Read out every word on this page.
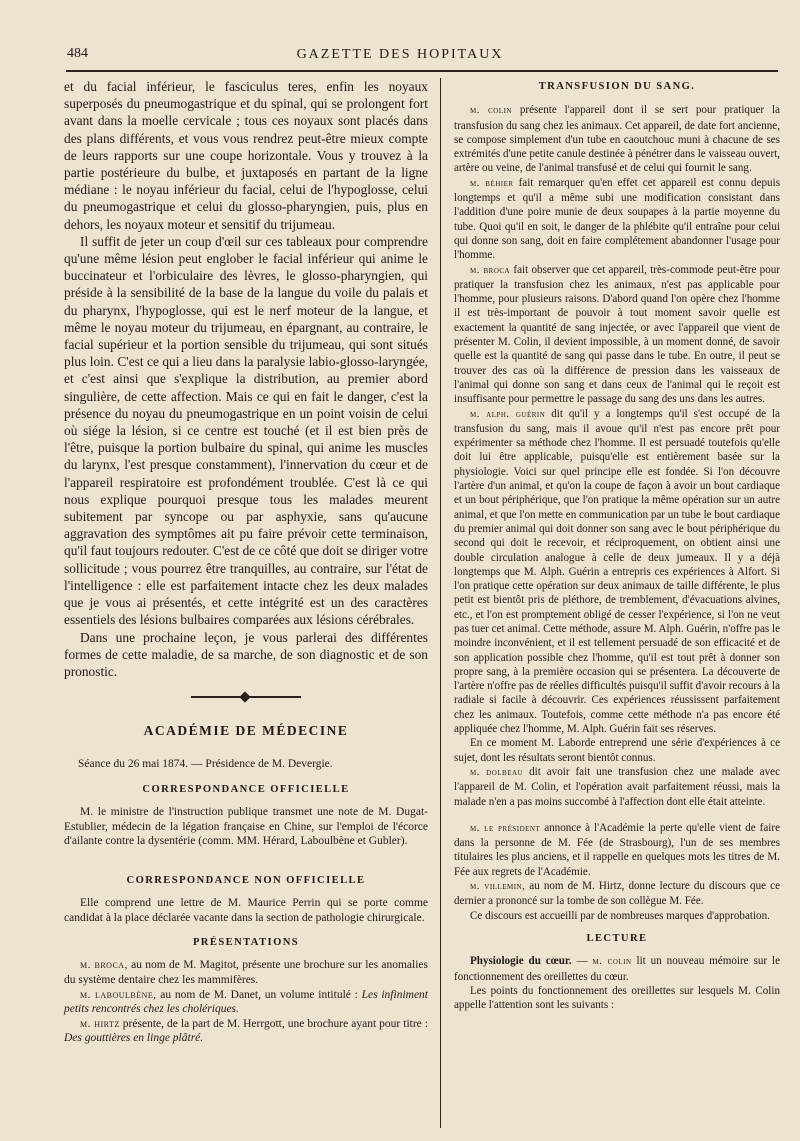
484	GAZETTE DES HOPITAUX

et du facial inférieur, le fasciculus teres, enfin les noyaux superposés du pneumogastrique et du spinal, qui se prolongent fort avant dans la moelle cervicale ; tous ces noyaux sont placés dans des plans différents, et vous vous rendrez peut-être mieux compte de leurs rapports sur une coupe horizontale. Vous y trouvez à la partie postérieure du bulbe, et juxtaposés en partant de la ligne médiane : le noyau inférieur du facial, celui de l'hypoglosse, celui du pneumogastrique et celui du glosso-pharyngien, puis, plus en dehors, les noyaux moteur et sensitif du trijumeau.

Il suffit de jeter un coup d'œil sur ces tableaux pour comprendre qu'une même lésion peut englober le facial inférieur qui anime le buccinateur et l'orbiculaire des lèvres, le glosso-pharyngien, qui préside à la sensibilité de la base de la langue du voile du palais et du pharynx, l'hypoglosse, qui est le nerf moteur de la langue, et même le noyau moteur du trijumeau, en épargnant, au contraire, le facial supérieur et la portion sensible du trijumeau, qui sont situés plus loin. C'est ce qui a lieu dans la paralysie labio-glosso-laryngée, et c'est ainsi que s'explique la distribution, au premier abord singulière, de cette affection. Mais ce qui en fait le danger, c'est la présence du noyau du pneumogastrique en un point voisin de celui où siége la lésion, si ce centre est touché (et il est bien près de l'être, puisque la portion bulbaire du spinal, qui anime les muscles du larynx, l'est presque constamment), l'innervation du cœur et de l'appareil respiratoire est profondément troublée. C'est là ce qui nous explique pourquoi presque tous les malades meurent subitement par syncope ou par asphyxie, sans qu'aucune aggravation des symptômes ait pu faire prévoir cette terminaison, qu'il faut toujours redouter. C'est de ce côté que doit se diriger votre sollicitude ; vous pourrez être tranquilles, au contraire, sur l'état de l'intelligence : elle est parfaitement intacte chez les deux malades que je vous ai présentés, et cette intégrité est un des caractères essentiels des lésions bulbaires comparées aux lésions cérébrales.

Dans une prochaine leçon, je vous parlerai des différentes formes de cette maladie, de sa marche, de son diagnostic et de son pronostic.

ACADÉMIE DE MÉDECINE

Séance du 26 mai 1874. — Présidence de M. Devergie.

CORRESPONDANCE OFFICIELLE

M. le ministre de l'instruction publique transmet une note de M. Dugat-Estublier, médecin de la légation française en Chine, sur l'emploi de l'écorce d'ailante contre la dysentérie (comm. MM. Hérard, Laboulbène et Gubler).

CORRESPONDANCE NON OFFICIELLE

Elle comprend une lettre de M. Maurice Perrin qui se porte comme candidat à la place déclarée vacante dans la section de pathologie chirurgicale.

PRÉSENTATIONS

m. broca, au nom de M. Magitot, présente une brochure sur les anomalies du système dentaire chez les mammifères.

m. laboulbène, au nom de M. Danet, un volume intitulé : Les infiniment petits rencontrés chez les cholériques.

m. hirtz présente, de la part de M. Herrgott, une brochure ayant pour titre : Des gouttières en linge plâtré.

TRANSFUSION DU SANG.

m. colin présente l'appareil dont il se sert pour pratiquer la transfusion du sang chez les animaux. Cet appareil, de date fort ancienne, se compose simplement d'un tube en caoutchouc muni à chacune de ses extrémités d'une petite canule destinée à pénétrer dans le vaisseau ouvert, artère ou veine, de l'animal transfusé et de celui qui fournit le sang.

m. béhier fait remarquer qu'en effet cet appareil est connu depuis longtemps et qu'il a même subi une modification consistant dans l'addition d'une poire munie de deux soupapes à la partie moyenne du tube. Quoi qu'il en soit, le danger de la phlébite qu'il entraîne pour celui qui donne son sang, doit en faire complétement abandonner l'usage pour l'homme.

m. broca fait observer que cet appareil, très-commode peut-être pour pratiquer la transfusion chez les animaux, n'est pas applicable pour l'homme, pour plusieurs raisons. D'abord quand l'on opère chez l'homme il est très-important de pouvoir à tout moment savoir quelle est exactement la quantité de sang injectée, or avec l'appareil que vient de présenter M. Colin, il devient impossible, à un moment donné, de savoir quelle est la quantité de sang qui passe dans le tube. En outre, il peut se trouver des cas où la différence de pression dans les vaisseaux de l'animal qui donne son sang et dans ceux de l'animal qui le reçoit est insuffisante pour permettre le passage du sang des uns dans les autres.

m. alph. guérin dit qu'il y a longtemps qu'il s'est occupé de la transfusion du sang, mais il avoue qu'il n'est pas encore prêt pour expérimenter sa méthode chez l'homme. Il est persuadé toutefois qu'elle doit lui être applicable, puisqu'elle est entièrement basée sur la physiologie. Voici sur quel principe elle est fondée. Si l'on découvre l'artère d'un animal, et qu'on la coupe de façon à avoir un bout cardiaque et un bout périphérique, que l'on pratique la même opération sur un autre animal, et que l'on mette en communication par un tube le bout cardiaque du premier animal qui doit donner son sang avec le bout périphérique du second qui doit le recevoir, et réciproquement, on obtient ainsi une double circulation analogue à celle de deux jumeaux. Il y a déjà longtemps que M. Alph. Guérin a entrepris ces expériences à Alfort. Si l'on pratique cette opération sur deux animaux de taille différente, le plus petit est bientôt pris de pléthore, de tremblement, d'évacuations alvines, etc., et l'on est promptement obligé de cesser l'expérience, si l'on ne veut pas tuer cet animal. Cette méthode, assure M. Alph. Guérin, n'offre pas le moindre inconvénient, et il est tellement persuadé de son efficacité et de son application possible chez l'homme, qu'il est tout prêt à donner son propre sang, à la première occasion qui se présentera. La découverte de l'artère n'offre pas de réelles difficultés puisqu'il suffit d'avoir recours à la radiale si facile à découvrir. Ces expériences réussissent parfaitement chez les animaux. Toutefois, comme cette méthode n'a pas encore été appliquée chez l'homme, M. Alph. Guérin fait ses réserves.

En ce moment M. Laborde entreprend une série d'expériences à ce sujet, dont les résultats seront bientôt connus.

m. dolbeau dit avoir fait une transfusion chez une malade avec l'appareil de M. Colin, et l'opération avait parfaitement réussi, mais la malade n'en a pas moins succombé à l'affection dont elle était atteinte.

m. le président annonce à l'Académie la perte qu'elle vient de faire dans la personne de M. Fée (de Strasbourg), l'un de ses membres titulaires les plus anciens, et il rappelle en quelques mots les titres de M. Fée aux regrets de l'Académie.

m. villemin, au nom de M. Hirtz, donne lecture du discours que ce dernier a prononcé sur la tombe de son collègue M. Fée.

Ce discours est accueilli par de nombreuses marques d'approbation.

LECTURE

Physiologie du cœur. — m. colin lit un nouveau mémoire sur le fonctionnement des oreillettes du cœur.

Les points du fonctionnement des oreillettes sur lesquels M. Colin appelle l'attention sont les suivants :
